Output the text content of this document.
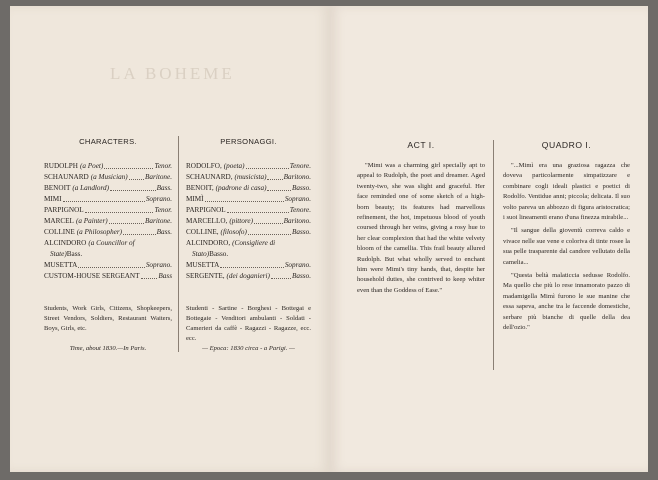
LA BOHEME
CHARACTERS.
RUDOLPH (a Poet)	Tenor.
SCHAUNARD (a Musician) Baritone.
BENOIT (a Landlord)	Bass.
MIMI	Soprano.
PARPIGNOL	Tenor.
MARCEL (a Painter)	Baritone.
COLLINE (a Philosopher)	Bass.
ALCINDORO (a Councillor of
State) Bass.
MUSETTA	Soprano.
CUSTOM-HOUSE SERGEANT	Bass
Students, Work Girls, Citizens, Shopkeepers, Street Vendors, Soldiers, Restaurant Waiters, Boys, Girls, etc.
Time, about 1830.—In Paris.
PERSONAGGI.
RODOLFO, (poeta)	Tenore.
SCHAUNARD, (musicista) Baritono.
BENOIT, (padrone di casa)	Basso.
MIMÌ	Soprano.
PARPIGNOL	Tenore.
MARCELLO, (pittore)	Baritono.
COLLINE, (filosofo)	Basso.
ALCINDORO, (Consigliere di
Stato) Basso.
MUSETTA	Soprano.
SERGENTE, (dei doganieri)	Basso.
Studenti - Sartine - Borghesi - Bottegai e Bottegaie - Venditori ambulanti - Soldati - Camerieri da caffè - Ragazzi - Ragazze, ecc. ecc.
— Epoca: 1830 circa - a Parigi. —
ACT I.

"Mimi was a charming girl specially apt to appeal to Rudolph, the poet and dreamer. Aged twenty-two, she was slight and graceful. Her face reminded one of some sketch of a high-born beauty; its features had marvellous refinement, the hot, impetuous blood of youth coursed through her veins, giving a rosy hue to her clear complexion that had the white velvety bloom of the camellia. This frail beauty allured Rudolph. But what wholly served to enchant him were Mimi's tiny hands, that, despite her household duties, she contrived to keep whiter even than the Goddess of Ease."

QUADRO I.

"...Mimì era una graziosa ragazza che doveva particolarmente simpatizzare e combinare cogli ideali plastici e poetici di Rodolfo. Ventidue anni; piccola; delicata. Il suo volto pareva un abbozzo di figura aristocratica; i suoi lineamenti erano d'una finezza mirabile...

"Il sangue della gioventù correva caldo e vivace nelle sue vene e coloriva di tinte rosee la sua pelle trasparente dal candore vellutato della camelia...

"Questa beltà malaticcia sedusse Rodolfo. Ma quello che più lo rese innamorato pazzo di madamigella Mimì furono le sue manine che essa sapeva, anche tra le faccende domestiche, serbare più bianche di quelle della dea dell'ozio."
